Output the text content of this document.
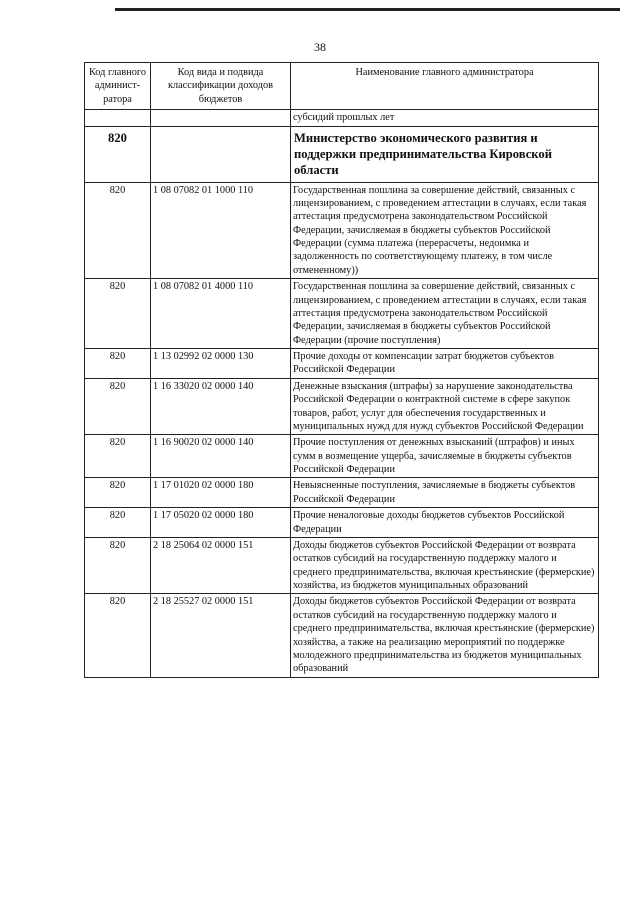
38
Код главного админист-ратора	Код вида и подвида классификации доходов бюджетов	Наименование главного администратора
		субсидий прошлых лет
820		Министерство экономического развития и поддержки предпринимательства Кировской области
820	1 08 07082 01 1000 110	Государственная пошлина за совершение действий, связанных с лицензированием, с проведением аттестации в случаях, если такая аттестация предусмотрена законодательством Российской Федерации, зачисляемая в бюджеты субъектов Российской Федерации (сумма платежа (перерасчеты, недоимка и задолженность по соответствующему платежу, в том числе отмененному))
820	1 08 07082 01 4000 110	Государственная пошлина за совершение действий, связанных с лицензированием, с проведением аттестации в случаях, если такая аттестация предусмотрена законодательством Российской Федерации, зачисляемая в бюджеты субъектов Российской Федерации (прочие поступления)
820	1 13 02992 02 0000 130	Прочие доходы от компенсации затрат бюджетов субъектов Российской Федерации
820	1 16 33020 02 0000 140	Денежные взыскания (штрафы) за нарушение законодательства Российской Федерации о контрактной системе в сфере закупок товаров, работ, услуг для обеспечения государственных и муниципальных нужд для нужд субъектов Российской Федерации
820	1 16 90020 02 0000 140	Прочие поступления от денежных взысканий (штрафов) и иных сумм в возмещение ущерба, зачисляемые в бюджеты субъектов Российской Федерации
820	1 17 01020 02 0000 180	Невыясненные поступления, зачисляемые в бюджеты субъектов Российской Федерации
820	1 17 05020 02 0000 180	Прочие неналоговые доходы бюджетов субъектов Российской Федерации
820	2 18 25064 02 0000 151	Доходы бюджетов субъектов Российской Федерации от возврата остатков субсидий на государственную поддержку малого и среднего предпринимательства, включая крестьянские (фермерские) хозяйства, из бюджетов муниципальных образований
820	2 18 25527 02 0000 151	Доходы бюджетов субъектов Российской Федерации от возврата остатков субсидий на государственную поддержку малого и среднего предпринимательства, включая крестьянские (фермерские) хозяйства, а также на реализацию мероприятий по поддержке молодежного предпринимательства из бюджетов муниципальных образований
